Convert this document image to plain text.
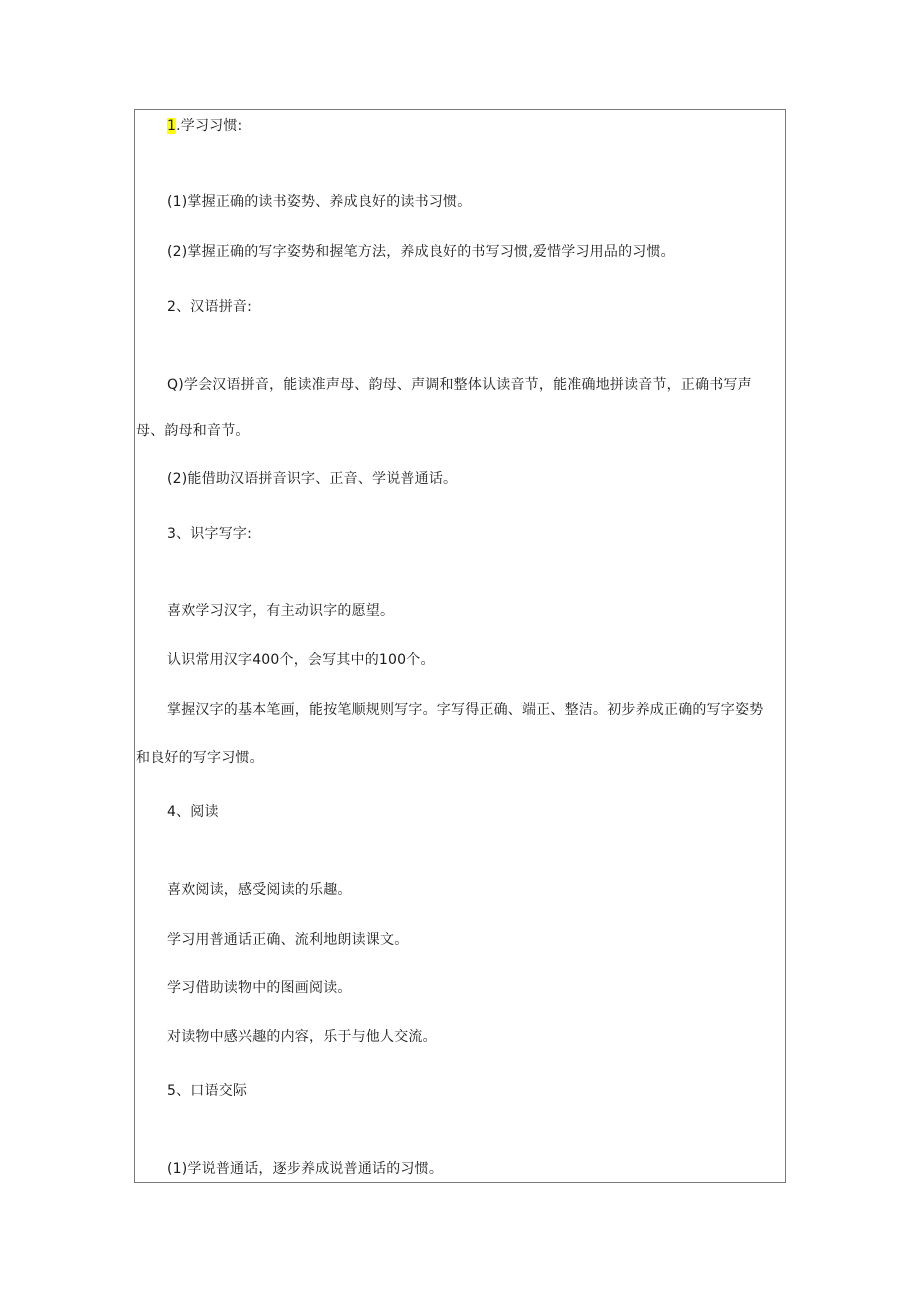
1.学习习惯:
(1)掌握正确的读书姿势、养成良好的读书习惯。
(2)掌握正确的写字姿势和握笔方法，养成良好的书写习惯,爱惜学习用品的习惯。
2、汉语拼音:
Q)学会汉语拼音，能读准声母、韵母、声调和整体认读音节，能准确地拼读音节，正确书写声
母、韵母和音节。
(2)能借助汉语拼音识字、正音、学说普通话。
3、识字写字:
喜欢学习汉字，有主动识字的愿望。
认识常用汉字400个，会写其中的100个。
掌握汉字的基本笔画，能按笔顺规则写字。字写得正确、端正、整洁。初步养成正确的写字姿势
和良好的写字习惯。
4、阅读
喜欢阅读，感受阅读的乐趣。
学习用普通话正确、流利地朗读课文。
学习借助读物中的图画阅读。
对读物中感兴趣的内容，乐于与他人交流。
5、口语交际
(1)学说普通话，逐步养成说普通话的习惯。
